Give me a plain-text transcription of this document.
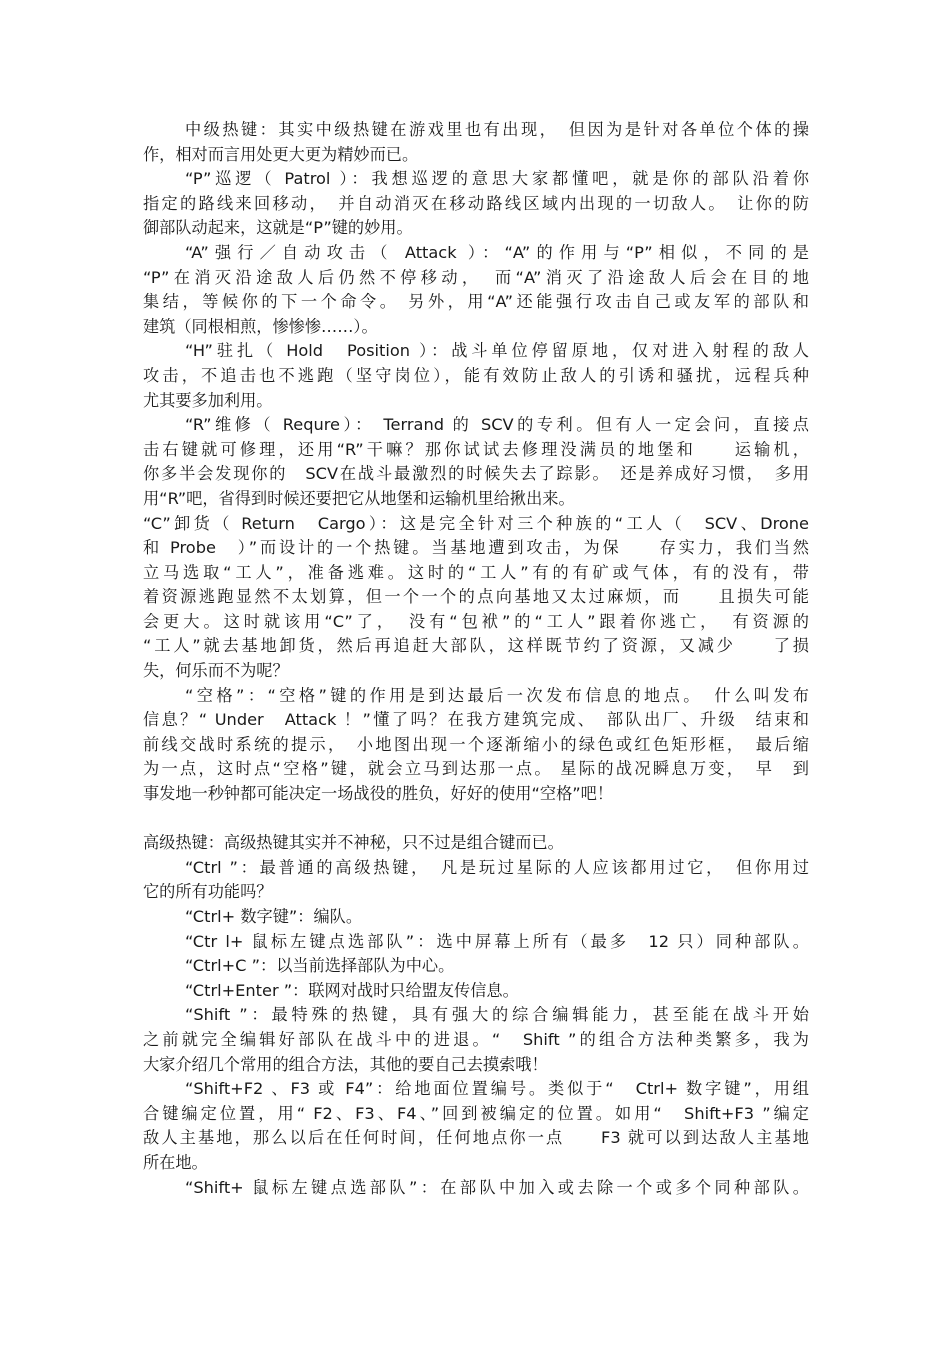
中级热键：其实中级热键在游戏里也有出现，　但因为是针对各单位个体的操
作，相对而言用处更大更为精妙而已。
“P”巡逻（ Patrol ）：我想巡逻的意思大家都懂吧，就是你的部队沿着你
指定的路线来回移动，　并自动消灭在移动路线区域内出现的一切敌人。　让你的防
御部队动起来，这就是“P”键的妙用。
“A”强行／自动攻击（ Attack ）：“A”的作用与“P”相似，不同的是
“P”在消灭沿途敌人后仍然不停移动，　而“A”消灭了沿途敌人后会在目的地
集结，等候你的下一个命令。 另外，用“A”还能强行攻击自己或友军的部队和
建筑（同根相煎，惨惨惨……）。
“H”驻扎（ Hold　Position ）：战斗单位停留原地，仅对进入射程的敌人
攻击，不追击也不逃跑（坚守岗位），能有效防止敌人的引诱和骚扰，远程兵种
尤其要多加利用。
“R”维修（ Requre）： Terrand 的 SCV的专利。但有人一定会问，直接点
击右键就可修理，还用“R”干嘛？那你试试去修理没满员的地堡和　　运输机，
你多半会发现你的　SCV在战斗最激烈的时候失去了踪影。　还是养成好习惯，　多用
用“R”吧，省得到时候还要把它从地堡和运输机里给揪出来。
“C”卸货（ Return　Cargo）：这是完全针对三个种族的“工人（　SCV、Drone
和 Probe　）”而设计的一个热键。当基地遭到攻击，为保　　存实力，我们当然
立马选取“工人”，准备逃难。这时的“工人”有的有矿或气体，有的没有，带
着资源逃跑显然不太划算，但一个一个的点向基地又太过麻烦，而　　且损失可能
会更大。这时就该用“C”了，　没有“包袱”的“工人”跟着你逃亡，　有资源的
“工人”就去基地卸货，然后再追赶大部队，这样既节约了资源，又减少　　了损
失，何乐而不为呢？
“空格”：“空格”键的作用是到达最后一次发布信息的地点。　什么叫发布
信息？“ Under　Attack ！”懂了吗？在我方建筑完成、　部队出厂、升级　结束和
前线交战时系统的提示，　小地图出现一个逐渐缩小的绿色或红色矩形框，　最后缩
为一点，这时点“空格”键，就会立马到达那一点。 星际的战况瞬息万变，　早　到
事发地一秒钟都可能决定一场战役的胜负，好好的使用“空格”吧！
高级热键：高级热键其实并不神秘，只不过是组合键而已。
“Ctrl ”：最普通的高级热键，　凡是玩过星际的人应该都用过它，　但你用过
它的所有功能吗？
“Ctrl+ 数字键”：编队。
“Ctr l+ 鼠标左键点选部队”：选中屏幕上所有（最多　12 只）同种部队。
“Ctrl+C ”：以当前选择部队为中心。
“Ctrl+Enter ”：联网对战时只给盟友传信息。
“Shift ”：最特殊的热键，具有强大的综合编辑能力，甚至能在战斗开始
之前就完全编辑好部队在战斗中的进退。“　Shift ”的组合方法种类繁多，我为
大家介绍几个常用的组合方法，其他的要自己去摸索哦！
“Shift+F2 、F3 或 F4”：给地面位置编号。类似于“　Ctrl+ 数字键”，用组
合键编定位置，用“ F2、F3、F4、”回到被编定的位置。如用“　Shift+F3 ”编定
敌人主基地，那么以后在任何时间，任何地点你一点　　F3 就可以到达敌人主基地
所在地。
“Shift+ 鼠标左键点选部队”：在部队中加入或去除一个或多个同种部队。
